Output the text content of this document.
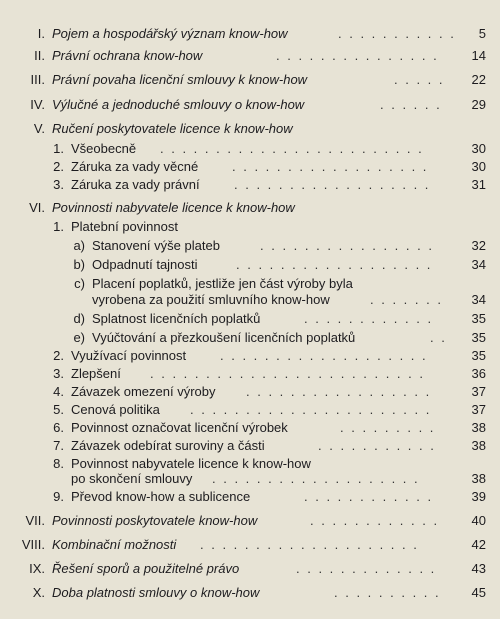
I. Pojem a hospodářský význam know-how	. . . . . . . . . . .	5
II. Právní ochrana know-how	. . . . . . . . . . . . . . .	14
III. Právní povaha licenční smlouvy k know-how	. . . . .	22
IV. Výlučné a jednoduché smlouvy o know-how	. . . . . .	29
V. Ručení poskytovatele licence k know-how
1. Všeobecně . . . . . . . . . . . . . . . . . . . . . . . .	30
2. Záruka za vady věcné	. . . . . . . . . . . . . . . . . .	30
3. Záruka za vady právní	. . . . . . . . . . . . . . . . . .	31
VI. Povinnosti nabyvatele licence k know-how
1. Platební povinnost
a) Stanovení výše plateb	. . . . . . . . . . . . . . . .	32
b) Odpadnutí tajnosti	. . . . . . . . . . . . . . . . . .	34
c) Placení poplatků, jestliže jen část výroby byla
vyrobena za použití smluvního know-how	. . . . . . .	34
d) Splatnost licenčních poplatků	. . . . . . . . . . . .	35
e) Vyúčtování a přezkoušení licenčních poplatků	. .	35
2. Využívací povinnost	. . . . . . . . . . . . . . . . . . .	35
3. Zlepšení . . . . . . . . . . . . . . . . . . . . . . . . .	36
4. Závazek omezení výroby . . . . . . . . . . . . . . . . .	37
5. Cenová politika . . . . . . . . . . . . . . . . . . . . . .	37
6. Povinnost označovat licenční výrobek	. . . . . . . . .	38
7. Závazek odebírat suroviny a části	. . . . . . . . . . .	38
8. Povinnost nabyvatele licence k know-how
po skončení smlouvy . . . . . . . . . . . . . . . . . . .	38
9. Převod know-how a sublicence	. . . . . . . . . . . .	39
VII. Povinnosti poskytovatele know-how	. . . . . . . . . . . .	40
VIII. Kombinační možnosti . . . . . . . . . . . . . . . . . . . .	42
IX. Řešení sporů a použitelné právo	. . . . . . . . . . . . .	43
X. Doba platnosti smlouvy o know-how	. . . . . . . . . .	45
